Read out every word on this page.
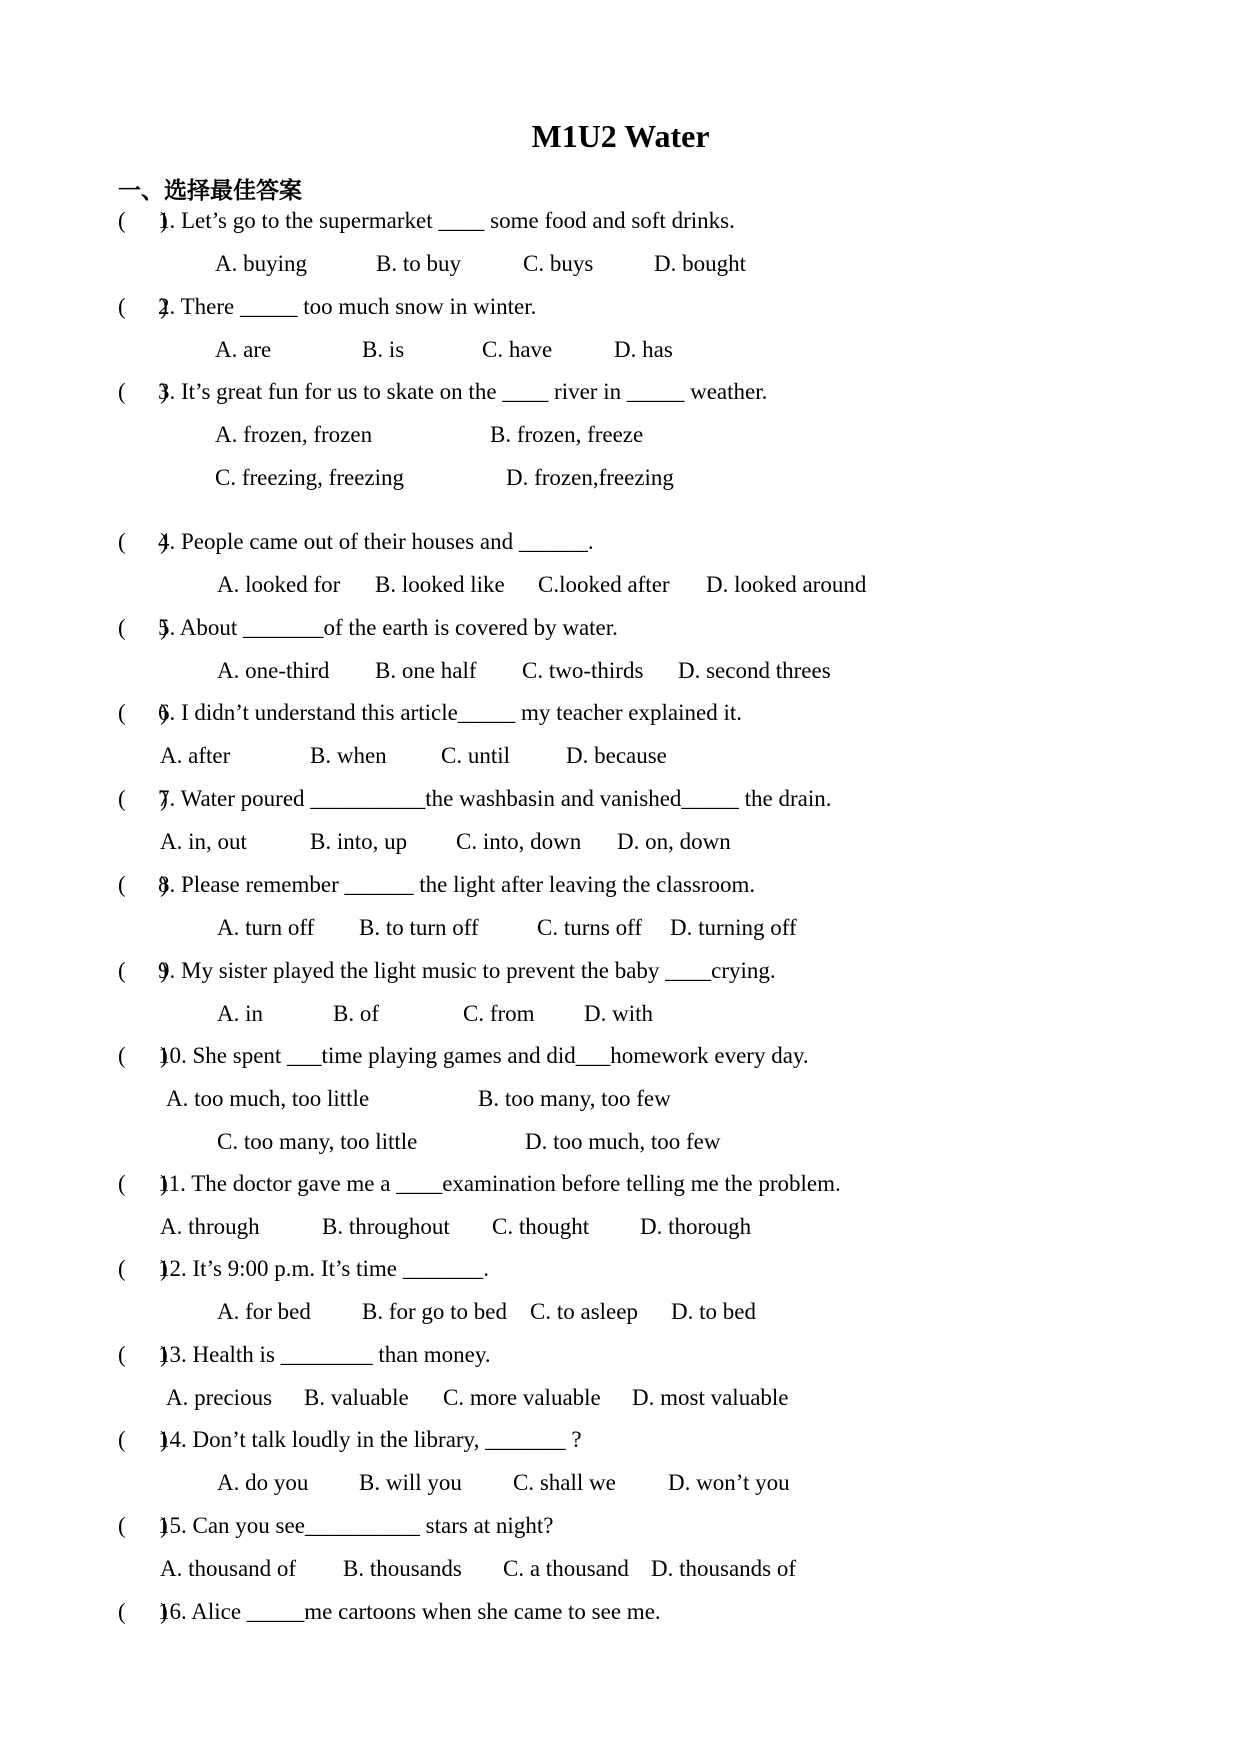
M1U2 Water
一、选择最佳答案
(      )
1. Let’s go to the supermarket ____ some food and soft drinks.
A. buying	B. to buy	C. buys	D. bought
(      )
2. There _____ too much snow in winter.
A. are	B. is	C. have	D. has
(      )
3. It’s great fun for us to skate on the ____ river in _____ weather.
A. frozen, frozen	B. frozen, freeze
C. freezing, freezing	D. frozen,freezing
(      )
4. People came out of their houses and ______.
A. looked for B. looked like C.looked after D. looked around
(      )
5. About _______of the earth is covered by water.
A. one-third B. one half C. two-thirds D. second threes
(      )
6. I didn’t understand this article_____ my teacher explained it.
A. after	B. when C. until D. because
(      )
7. Water poured __________the washbasin and vanished_____ the drain.
A. in, out	B. into, up C. into, down D. on, down
(      )
8. Please remember ______ the light after leaving the classroom.
A. turn off B. to turn off	C. turns off D. turning off
(      )
9. My sister played the light music to prevent the baby ____crying.
A. in	B. of	C. from D. with
(      )
10. She spent ___time playing games and did___homework every day.
A. too much, too little	B. too many, too few
C. too many, too little	D. too much, too few
(      )
11. The doctor gave me a ____examination before telling me the problem.
A. through	B. throughout C. thought D. thorough
(      )
12. It’s 9:00 p.m. It’s time _______.
A. for bed B. for go to bed C. to asleep D. to bed
(      )
13. Health is ________ than money.
A. precious B. valuable C. more valuable D. most valuable
(      )
14. Don’t talk loudly in the library, _______ ?
A. do you B. will you C. shall we D. won’t you
(      )
15. Can you see__________ stars at night?
A. thousand of B. thousands C. a thousand D. thousands of
(      )
16. Alice _____me cartoons when she came to see me.
